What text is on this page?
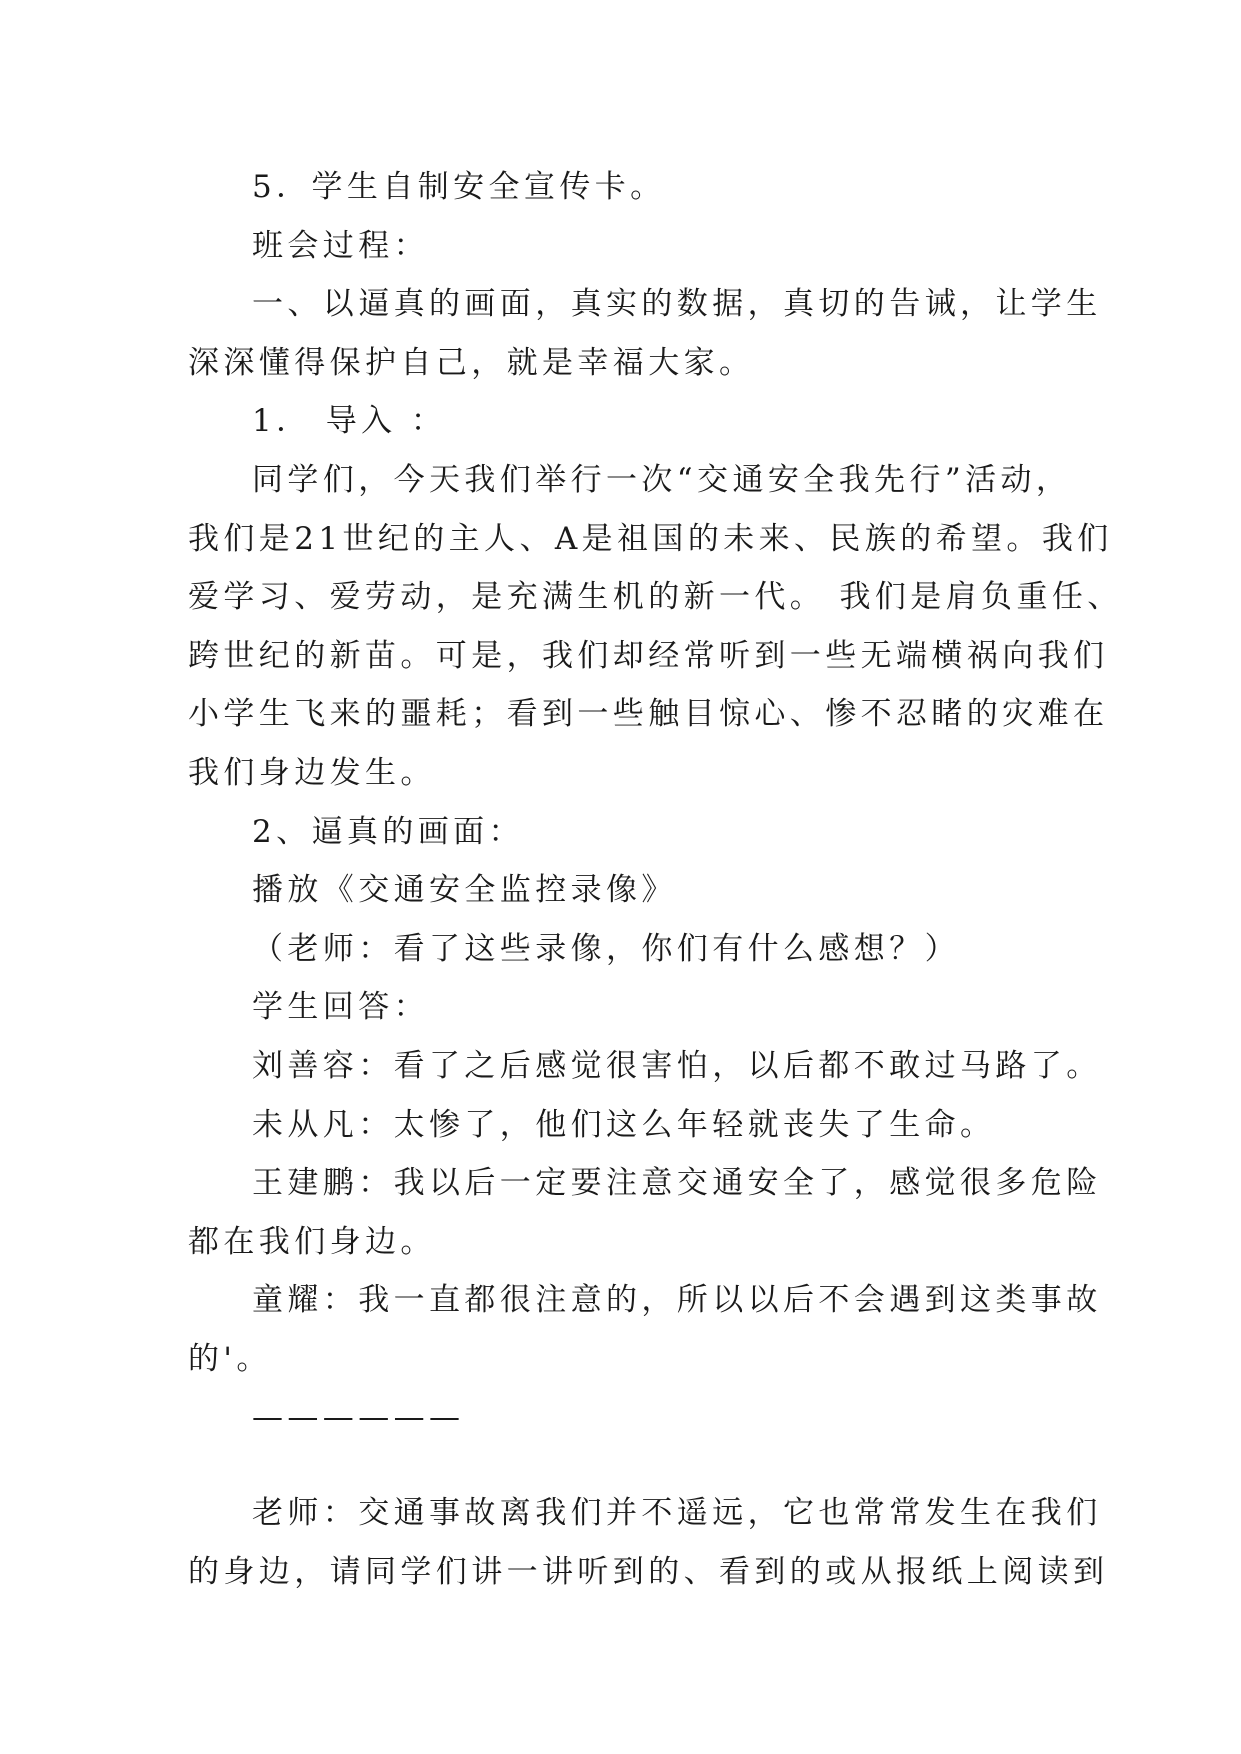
5．学生自制安全宣传卡。
班会过程：
一、以逼真的画面，真实的数据，真切的告诫，让学生
深深懂得保护自己，就是幸福大家。
1． 导入 ：
同学们，今天我们举行一次“交通安全我先行”活动，
我们是21世纪的主人、A是祖国的未来、民族的希望。我们
爱学习、爱劳动，是充满生机的新一代。 我们是肩负重任、
跨世纪的新苗。可是，我们却经常听到一些无端横祸向我们
小学生飞来的噩耗；看到一些触目惊心、惨不忍睹的灾难在
我们身边发生。
2、逼真的画面：
播放《交通安全监控录像》
（老师：看了这些录像，你们有什么感想？）
学生回答：
刘善容：看了之后感觉很害怕，以后都不敢过马路了。
未从凡：太惨了，他们这么年轻就丧失了生命。
王建鹏：我以后一定要注意交通安全了，感觉很多危险
都在我们身边。
童耀：我一直都很注意的，所以以后不会遇到这类事故
的'。
——————
老师：交通事故离我们并不遥远，它也常常发生在我们
的身边，请同学们讲一讲听到的、看到的或从报纸上阅读到
